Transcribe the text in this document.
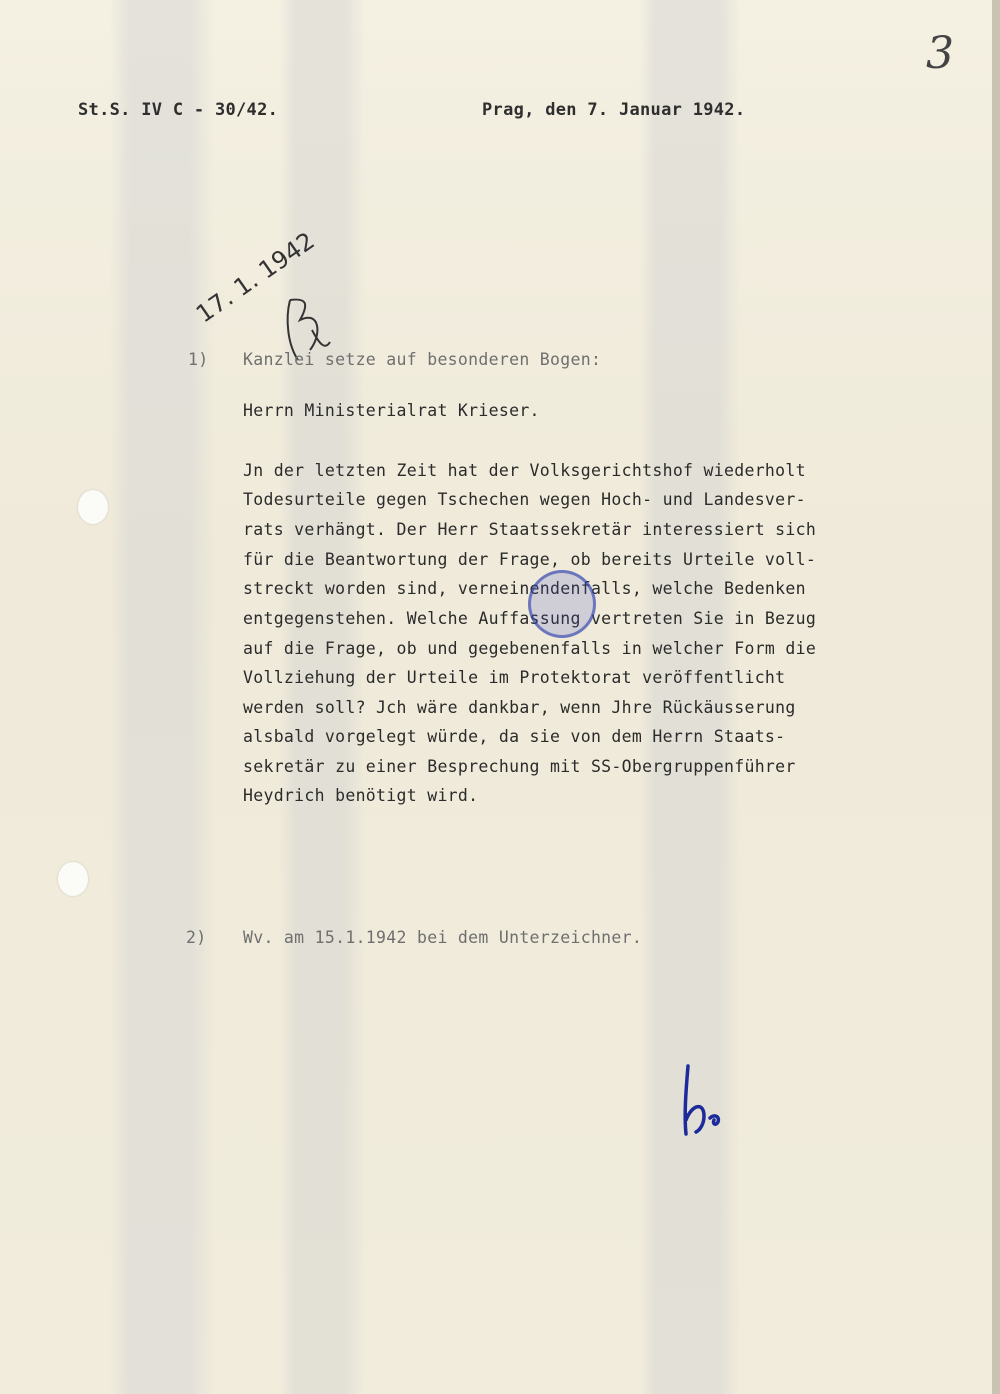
3
St.S. IV C - 30/42.	Prag, den 7. Januar 1942.

17. 1. 1942

1) Kanzlei setze auf besonderen Bogen:
Herrn Ministerialrat Krieser.
Jn der letzten Zeit hat der Volksgerichtshof wiederholt
Todesurteile gegen Tschechen wegen Hoch- und Landesver-
rats verhängt. Der Herr Staatssekretär interessiert sich
für die Beantwortung der Frage, ob bereits Urteile voll-
streckt worden sind, verneinendenfalls, welche Bedenken
entgegenstehen. Welche Auffassung vertreten Sie in Bezug
auf die Frage, ob und gegebenenfalls in welcher Form die
Vollziehung der Urteile im Protektorat veröffentlicht
werden soll? Jch wäre dankbar, wenn Jhre Rückäusserung
alsbald vorgelegt würde, da sie von dem Herrn Staats-
sekretär zu einer Besprechung mit SS-Obergruppenführer
Heydrich benötigt wird.
2) Wv. am 15.1.1942 bei dem Unterzeichner.
